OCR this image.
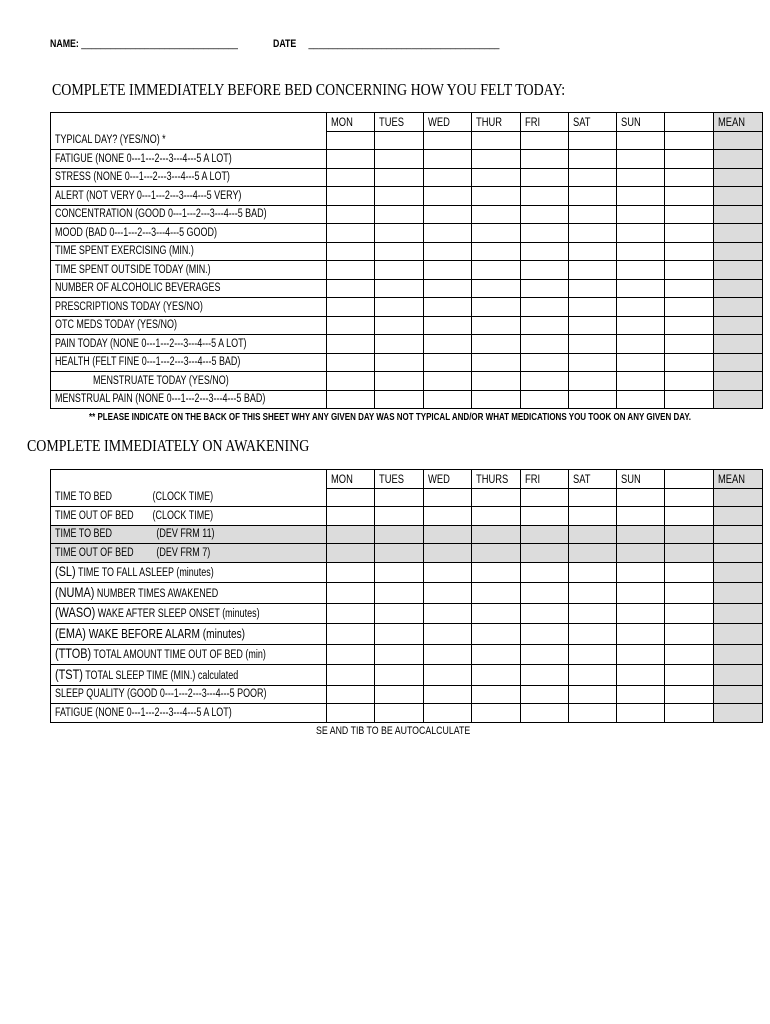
NAME: ________________________________	DATE _______________________________________
COMPLETE IMMEDIATELY BEFORE BED CONCERNING HOW YOU FELT TODAY:
	MON	TUES	WED	THUR	FRI	SAT	SUN		MEAN
TYPICAL DAY? (YES/NO) *									
FATIGUE (NONE 0---1---2---3---4---5 A LOT)									
STRESS (NONE 0---1---2---3---4---5 A LOT)									
ALERT (NOT VERY 0---1---2---3---4---5 VERY)									
CONCENTRATION (GOOD 0---1---2---3---4---5 BAD)									
MOOD (BAD 0---1---2---3---4---5 GOOD)									
TIME SPENT EXERCISING (MIN.)									
TIME SPENT OUTSIDE TODAY (MIN.)									
NUMBER OF ALCOHOLIC BEVERAGES									
PRESCRIPTIONS TODAY (YES/NO)									
OTC MEDS TODAY (YES/NO)									
PAIN TODAY (NONE 0---1---2---3---4---5 A LOT)									
HEALTH (FELT FINE 0---1---2---3---4---5 BAD)									
MENSTRUATE TODAY (YES/NO)									
MENSTRUAL PAIN (NONE 0---1---2---3---4---5 BAD)									
** PLEASE INDICATE ON THE BACK OF THIS SHEET WHY ANY GIVEN DAY WAS NOT TYPICAL AND/OR WHAT MEDICATIONS YOU TOOK ON ANY GIVEN DAY.
COMPLETE IMMEDIATELY ON AWAKENING
	MON	TUES	WED	THURS	FRI	SAT	SUN		MEAN
TIME TO BED (CLOCK TIME)									
TIME OUT OF BED (CLOCK TIME)									
TIME TO BED (DEV FRM 11)									
TIME OUT OF BED (DEV FRM 7)									
(SL) TIME TO FALL ASLEEP (minutes)									
(NUMA) NUMBER TIMES AWAKENED									
(WASO) WAKE AFTER SLEEP ONSET (minutes)									
(EMA) WAKE BEFORE ALARM (minutes)									
(TTOB) TOTAL AMOUNT TIME OUT OF BED (min)									
(TST) TOTAL SLEEP TIME (MIN.) calculated									
SLEEP QUALITY (GOOD 0---1---2---3---4---5 POOR)									
FATIGUE (NONE 0---1---2---3---4---5 A LOT)									
SE AND TIB TO BE AUTOCALCULATE
